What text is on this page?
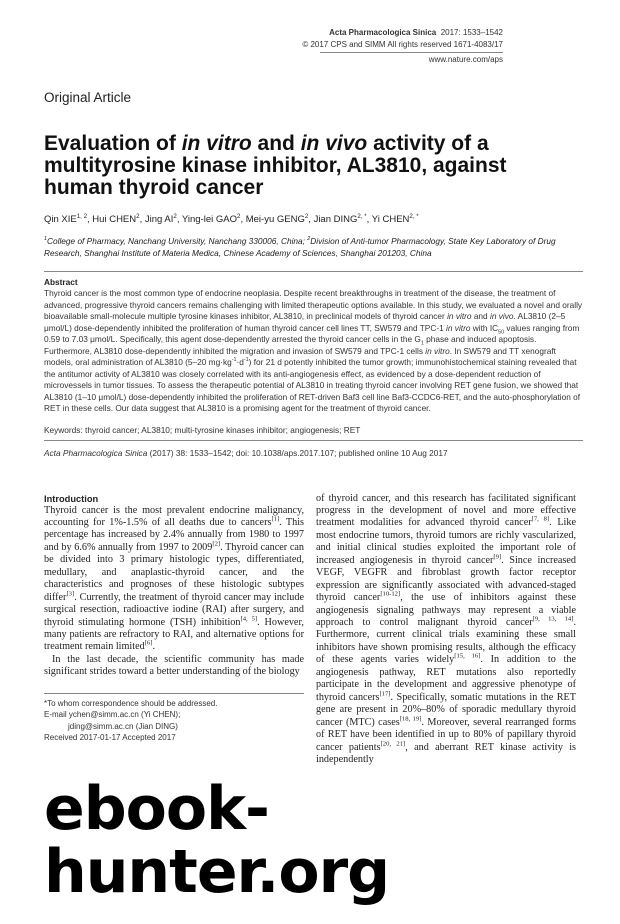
Acta Pharmacologica Sinica 2017: 1533–1542
© 2017 CPS and SIMM All rights reserved 1671-4083/17
www.nature.com/aps
Original Article
Evaluation of in vitro and in vivo activity of a multityrosine kinase inhibitor, AL3810, against human thyroid cancer
Qin XIE$^{1, 2}$, Hui CHEN$^2$, Jing $AI^2$, Ying-lei GAO$^2$, Mei-yu GENG$^2$, Jian $DING^{2, *}$, Yi $CHEN^{2, *}$
$^1$College of Pharmacy, Nanchang University, Nanchang 330006, China; $^2$Division of Anti-tumor Pharmacology, State Key Laboratory of Drug Research, Shanghai Institute of Materia Medica, Chinese Academy of Sciences, Shanghai 201203, China
Abstract
Thyroid cancer is the most common type of endocrine neoplasia. Despite recent breakthroughs in treatment of the disease, the treatment of advanced, progressive thyroid cancers remains challenging with limited therapeutic options available. In this study, we evaluated a novel and orally bioavailable small-molecule multiple tyrosine kinases inhibitor, AL3810, in preclinical models of thyroid cancer in vitro and in vivo. AL3810 (2–5 μmol/L) dose-dependently inhibited the proliferation of human thyroid cancer cell lines TT, SW579 and TPC-1 in vitro with $IC_{50}$ values ranging from 0.59 to 7.03 μmol/L. Specifically, this agent dose-dependently arrested the thyroid cancer cells in the $G_1$ phase and induced apoptosis. Furthermore, AL3810 dose-dependently inhibited the migration and invasion of SW579 and TPC-1 cells in vitro. In SW579 and TT xenograft models, oral administration of AL3810 (5–20 $mg\cdot kg^{-1}\cdot d^{-1}$) for 21 d potently inhibited the tumor growth; immunohistochemical staining revealed that the antitumor activity of AL3810 was closely correlated with its anti-angiogenesis effect, as evidenced by a dose-dependent reduction of microvessels in tumor tissues. To assess the therapeutic potential of AL3810 in treating thyroid cancer involving RET gene fusion, we showed that AL3810 (1–10 μmol/L) dose-dependently inhibited the proliferation of RET-driven Baf3 cell line Baf3-CCDC6-RET, and the auto-phosphorylation of RET in these cells. Our data suggest that AL3810 is a promising agent for the treatment of thyroid cancer.
Keywords: thyroid cancer; AL3810; multi-tyrosine kinases inhibitor; angiogenesis; RET
Acta Pharmacologica Sinica (2017) 38: 1533–1542; doi: 10.1038/aps.2017.107; published online 10 Aug 2017
Introduction

Thyroid cancer is the most prevalent endocrine malignancy, accounting for 1%-1.5% of all deaths due to cancers[1]. This percentage has increased by 2.4% annually from 1980 to 1997 and by 6.6% annually from 1997 to 2009[2]. Thyroid cancer can be divided into 3 primary histologic types, differentiated, medullary, and anaplastic-thyroid cancer, and the characteristics and prognoses of these histologic subtypes differ[3]. Currently, the treatment of thyroid cancer may include surgical resection, radioactive iodine (RAI) after surgery, and thyroid stimulating hormone (TSH) inhibition[4, 5]. However, many patients are refractory to RAI, and alternative options for treatment remain limited[6].

In the last decade, the scientific community has made significant strides toward a better understanding of the biology

*To whom correspondence should be addressed.
E-mail ychen@simm.ac.cn (Yi CHEN);
jding@simm.ac.cn (Jian DING)
Received 2017-01-17 Accepted 2017

of thyroid cancer, and this research has facilitated significant progress in the development of novel and more effective treatment modalities for advanced thyroid cancer[7, 8]. Like most endocrine tumors, thyroid tumors are richly vascularized, and initial clinical studies exploited the important role of increased angiogenesis in thyroid cancer[9]. Since increased VEGF, VEGFR and fibroblast growth factor receptor expression are significantly associated with advanced-staged thyroid cancer[10-12], the use of inhibitors against these angiogenesis signaling pathways may represent a viable approach to control malignant thyroid cancer[9, 13, 14]. Furthermore, current clinical trials examining these small inhibitors have shown promising results, although the efficacy of these agents varies widely[15, 16]. In addition to the angiogenesis pathway, RET mutations also reportedly participate in the development and aggressive phenotype of thyroid cancers[17]. Specifically, somatic mutations in the RET gene are present in 20%–80% of sporadic medullary thyroid cancer (MTC) cases[18, 19]. Moreover, several rearranged forms of RET have been identified in up to 80% of papillary thyroid cancer patients[20, 21], and aberrant RET kinase activity is independently

ebook-hunter.org
